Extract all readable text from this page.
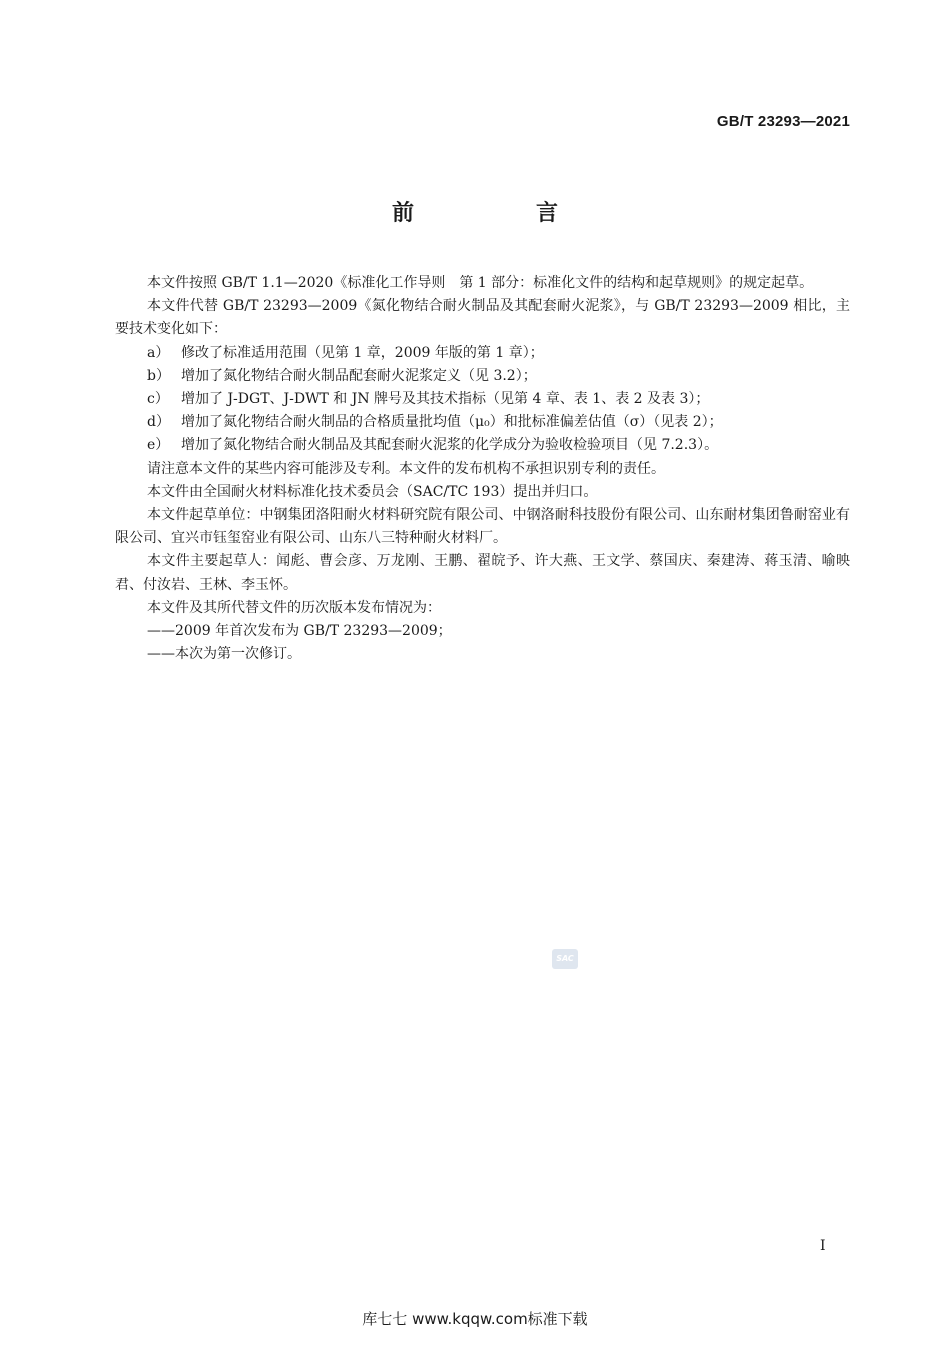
GB/T 23293—2021
前　言

本文件按照 GB/T 1.1—2020《标准化工作导则　第 1 部分：标准化文件的结构和起草规则》的规定起草。

本文件代替 GB/T 23293—2009《氮化物结合耐火制品及其配套耐火泥浆》，与 GB/T 23293—2009 相比，主要技术变化如下：

a） 修改了标准适用范围（见第 1 章，2009 年版的第 1 章）；

b） 增加了氮化物结合耐火制品配套耐火泥浆定义（见 3.2）；

c） 增加了 J-DGT、J-DWT 和 JN 牌号及其技术指标（见第 4 章、表 1、表 2 及表 3）；

d） 增加了氮化物结合耐火制品的合格质量批均值（μ₀）和批标准偏差估值（σ）（见表 2）；

e） 增加了氮化物结合耐火制品及其配套耐火泥浆的化学成分为验收检验项目（见 7.2.3）。

请注意本文件的某些内容可能涉及专利。本文件的发布机构不承担识别专利的责任。

本文件由全国耐火材料标准化技术委员会（SAC/TC 193）提出并归口。

本文件起草单位：中钢集团洛阳耐火材料研究院有限公司、中钢洛耐科技股份有限公司、山东耐材集团鲁耐窑业有限公司、宜兴市钰玺窑业有限公司、山东八三特种耐火材料厂。

本文件主要起草人：闻彪、曹会彦、万龙刚、王鹏、翟皖予、许大燕、王文学、蔡国庆、秦建涛、蒋玉清、喻映君、付汝岩、王林、李玉怀。

本文件及其所代替文件的历次版本发布情况为：

——2009 年首次发布为 GB/T 23293—2009；

——本次为第一次修订。

SAC
I
库七七 www.kqqw.com标准下载
